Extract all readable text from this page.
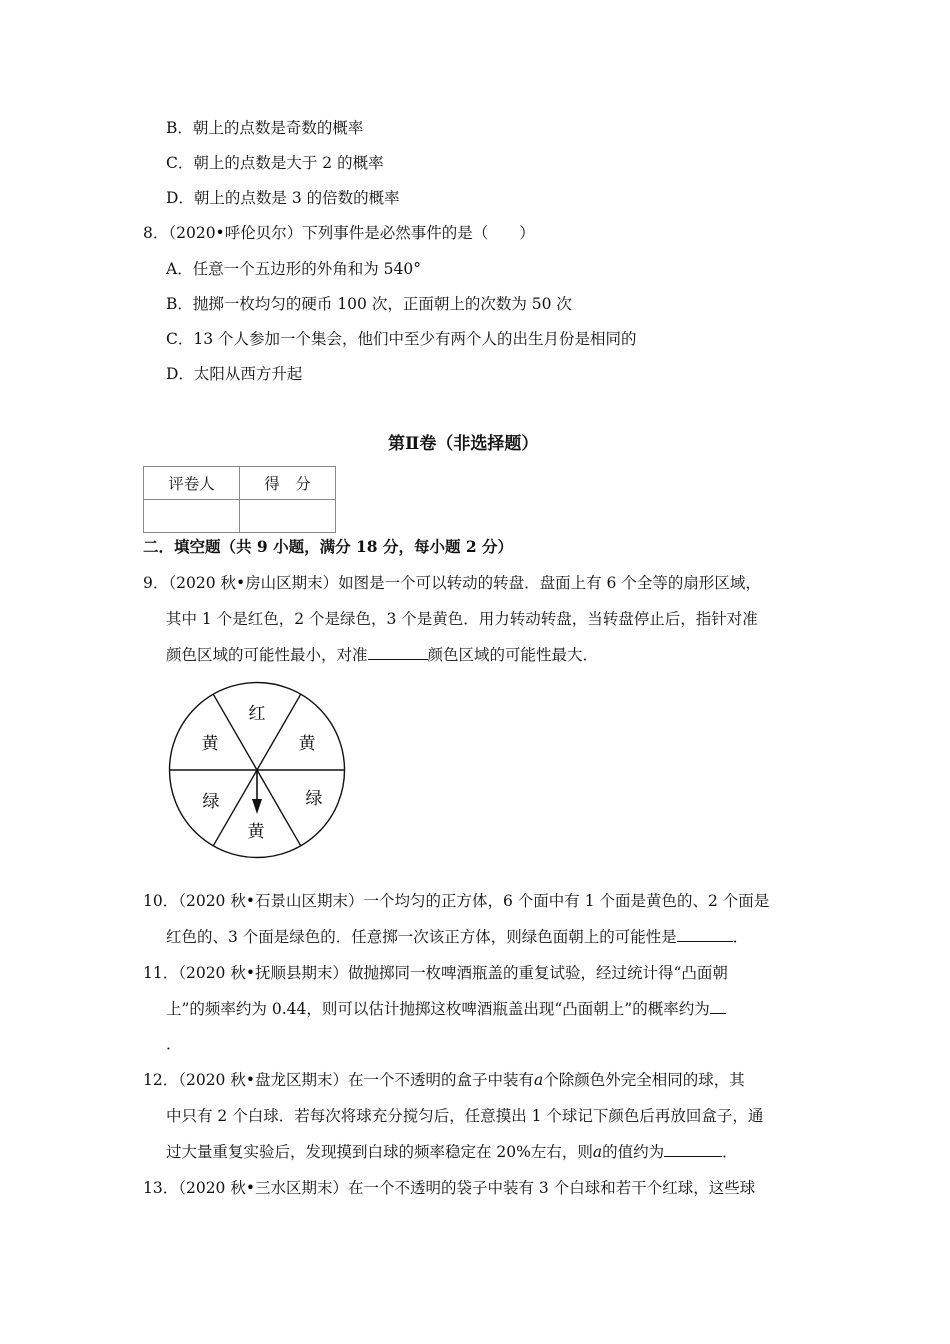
B．朝上的点数是奇数的概率
C．朝上的点数是大于 2 的概率
D．朝上的点数是 3 的倍数的概率
8．（2020•呼伦贝尔）下列事件是必然事件的是（　　）
A．任意一个五边形的外角和为 540°
B．抛掷一枚均匀的硬币 100 次，正面朝上的次数为 50 次
C．13 个人参加一个集会，他们中至少有两个人的出生月份是相同的
D．太阳从西方升起
第Ⅱ卷（非选择题）
评卷人	得　分

二．填空题（共 9 小题，满分 18 分，每小题 2 分）
9．（2020 秋•房山区期末）如图是一个可以转动的转盘．盘面上有 6 个全等的扇形区域，
其中 1 个是红色，2 个是绿色，3 个是黄色．用力转动转盘，当转盘停止后，指针对准
颜色区域的可能性最小，对准	颜色区域的可能性最大．
红
黄	黄
绿	绿
黄
10．（2020 秋•石景山区期末）一个均匀的正方体，6 个面中有 1 个面是黄色的、2 个面是
红色的、3 个面是绿色的．任意掷一次该正方体，则绿色面朝上的可能性是	．
11．（2020 秋•抚顺县期末）做抛掷同一枚啤酒瓶盖的重复试验，经过统计得“凸面朝
上”的频率约为 0.44，则可以估计抛掷这枚啤酒瓶盖出现“凸面朝上”的概率约为
．
12．（2020 秋•盘龙区期末）在一个不透明的盒子中装有a个除颜色外完全相同的球，其
中只有 2 个白球．若每次将球充分搅匀后，任意摸出 1 个球记下颜色后再放回盒子，通
过大量重复实验后，发现摸到白球的频率稳定在 20%左右，则a的值约为	．
13．（2020 秋•三水区期末）在一个不透明的袋子中装有 3 个白球和若干个红球，这些球
